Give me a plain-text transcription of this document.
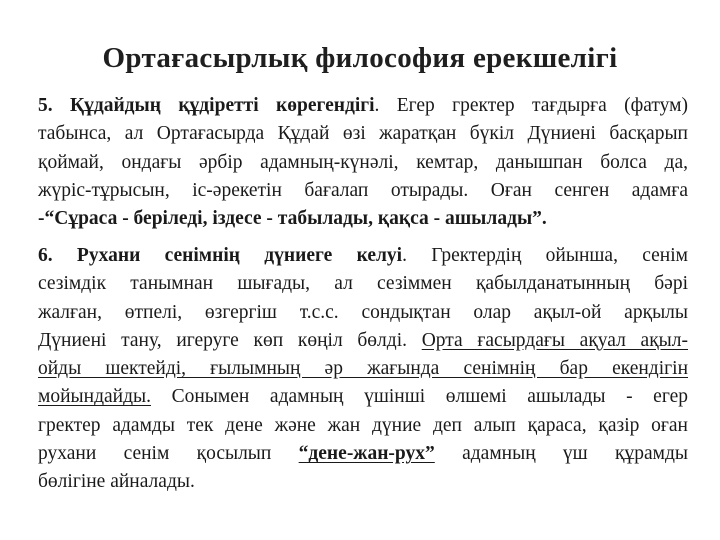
Ортағасырлық философия ерекшелігі
5. Құдайдың құдіретті көрегендігі. Егер гректер тағдырға (фатум)
табынса, ал Ортағасырда Құдай өзі жаратқан бүкіл Дүниені басқарып
қоймай, ондағы әрбір адамның-күнәлі, кемтар, данышпан болса да,
жүріс-тұрысын, іс-әрекетін бағалап отырады. Оған сенген адамға
-“Сұраса - беріледі, іздесе - табылады, қақса - ашылады”.
6. Рухани сенімнің дүниеге келуі. Гректердің ойынша, сенім
сезімдік танымнан шығады, ал сезіммен қабылданатынның бәрі
жалған, өтпелі, өзгергіш т.с.с. сондықтан олар ақыл-ой арқылы
Дүниені тану, игеруге көп көңіл бөлді. Орта ғасырдағы ақуал ақыл-
ойды шектейді, ғылымның әр жағында сенімнің бар екендігін
мойындайды. Сонымен адамның үшінші өлшемі ашылады - егер
гректер адамды тек дене және жан дүние деп алып қараса, қазір оған
рухани сенім қосылып “дене-жан-рух” адамның үш құрамды
бөлігіне айналады.
